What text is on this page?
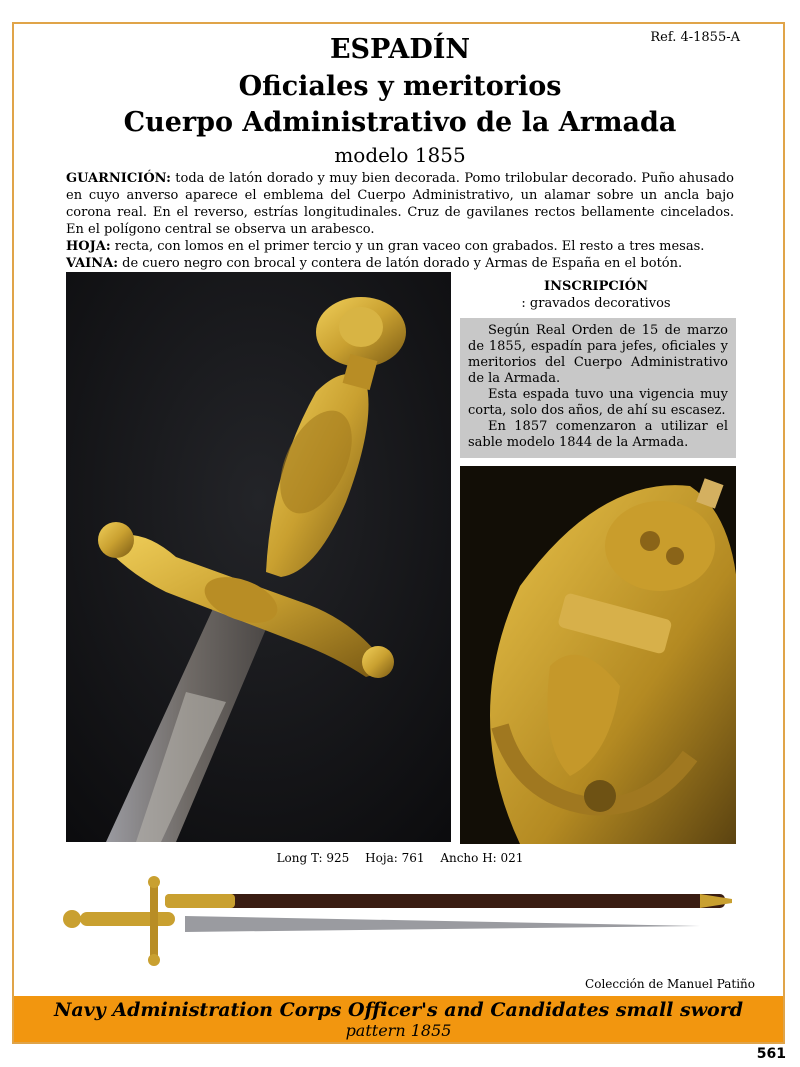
Ref. 4-1855-A
ESPADÍN
Oficiales y meritorios
Cuerpo Administrativo de la Armada
modelo 1855

GUARNICIÓN: toda de latón dorado y muy bien decorada. Pomo trilobular decorado. Puño ahusado en cuyo anverso aparece el emblema del Cuerpo Administrativo, un alamar sobre un ancla bajo corona real. En el reverso, estrías longitudinales. Cruz de gavilanes rectos bellamente cincelados. En el polígono central se observa un arabesco.

HOJA: recta, con lomos en el primer tercio y un gran vaceo con grabados. El resto a tres mesas.

VAINA: de cuero negro con brocal y contera de latón dorado y Armas de España en el botón.

INSCRIPCIÓN
: gravados decorativos

Según Real Orden de 15 de marzo de 1855, espadín para jefes, oficiales y meritorios del Cuerpo Administrativo de la Armada.

Esta espada tuvo una vigencia muy corta, solo dos años, de ahí su escasez.

En 1857 comenzaron a utilizar el sable modelo 1844 de la Armada.

Long T: 925 Hoja: 761 Ancho H: 021
Colección de Manuel Patiño
Navy Administration Corps Officer's and Candidates small sword
pattern 1855
561
